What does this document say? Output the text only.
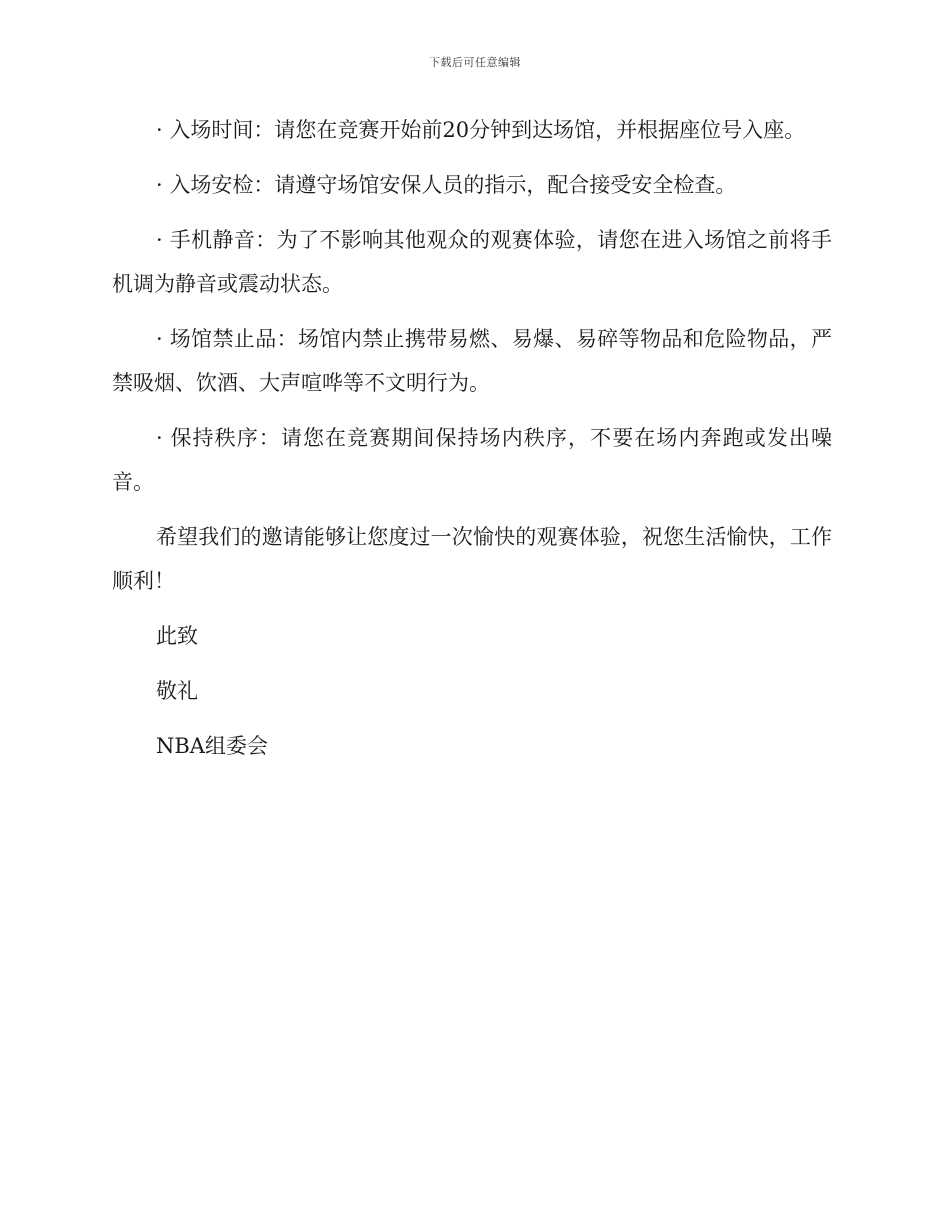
下载后可任意编辑

· 入场时间：请您在竞赛开始前20分钟到达场馆，并根据座位号入座。

· 入场安检：请遵守场馆安保人员的指示，配合接受安全检查。

· 手机静音：为了不影响其他观众的观赛体验，请您在进入场馆之前将手机调为静音或震动状态。

· 场馆禁止品：场馆内禁止携带易燃、易爆、易碎等物品和危险物品，严禁吸烟、饮酒、大声喧哗等不文明行为。

· 保持秩序：请您在竞赛期间保持场内秩序，不要在场内奔跑或发出噪音。

希望我们的邀请能够让您度过一次愉快的观赛体验，祝您生活愉快，工作顺利！

此致

敬礼

NBA组委会
